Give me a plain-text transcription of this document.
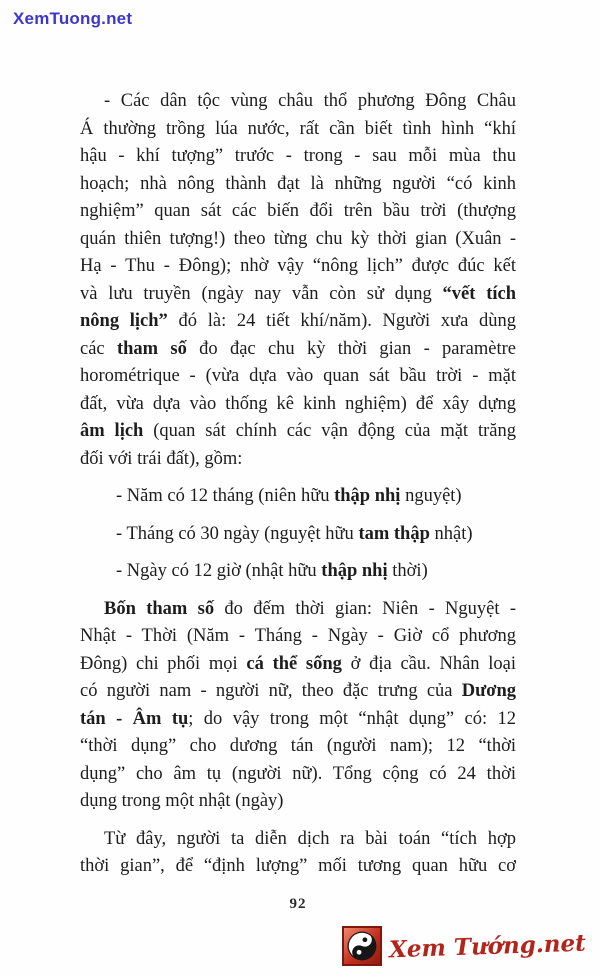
XemTuong.net
- Các dân tộc vùng châu thổ phương Đông Châu
Á thường trồng lúa nước, rất cần biết tình hình “khí
hậu - khí tượng” trước - trong - sau mỗi mùa thu
hoạch; nhà nông thành đạt là những người “có kinh
nghiệm” quan sát các biến đổi trên bầu trời (thượng
quán thiên tượng!) theo từng chu kỳ thời gian (Xuân -
Hạ - Thu - Đông); nhờ vậy “nông lịch” được đúc kết
và lưu truyền (ngày nay vẫn còn sử dụng “vết tích
nông lịch” đó là: 24 tiết khí/năm). Người xưa dùng
các tham số đo đạc chu kỳ thời gian - paramètre
horométrique - (vừa dựa vào quan sát bầu trời - mặt
đất, vừa dựa vào thống kê kinh nghiệm) để xây dựng
âm lịch (quan sát chính các vận động của mặt trăng
đối với trái đất), gồm:
- Năm có 12 tháng (niên hữu thập nhị nguyệt)
- Tháng có 30 ngày (nguyệt hữu tam thập nhật)
- Ngày có 12 giờ (nhật hữu thập nhị thời)
Bốn tham số đo đếm thời gian: Niên - Nguyệt -
Nhật - Thời (Năm - Tháng - Ngày - Giờ cổ phương
Đông) chi phối mọi cá thể sống ở địa cầu. Nhân loại
có người nam - người nữ, theo đặc trưng của Dương
tán - Âm tụ; do vậy trong một “nhật dụng” có: 12
“thời dụng” cho dương tán (người nam); 12 “thời
dụng” cho âm tụ (người nữ). Tổng cộng có 24 thời
dụng trong một nhật (ngày)
Từ đây, người ta diễn dịch ra bài toán “tích hợp
thời gian”, để “định lượng” mối tương quan hữu cơ
92
Xem Tướng.net
